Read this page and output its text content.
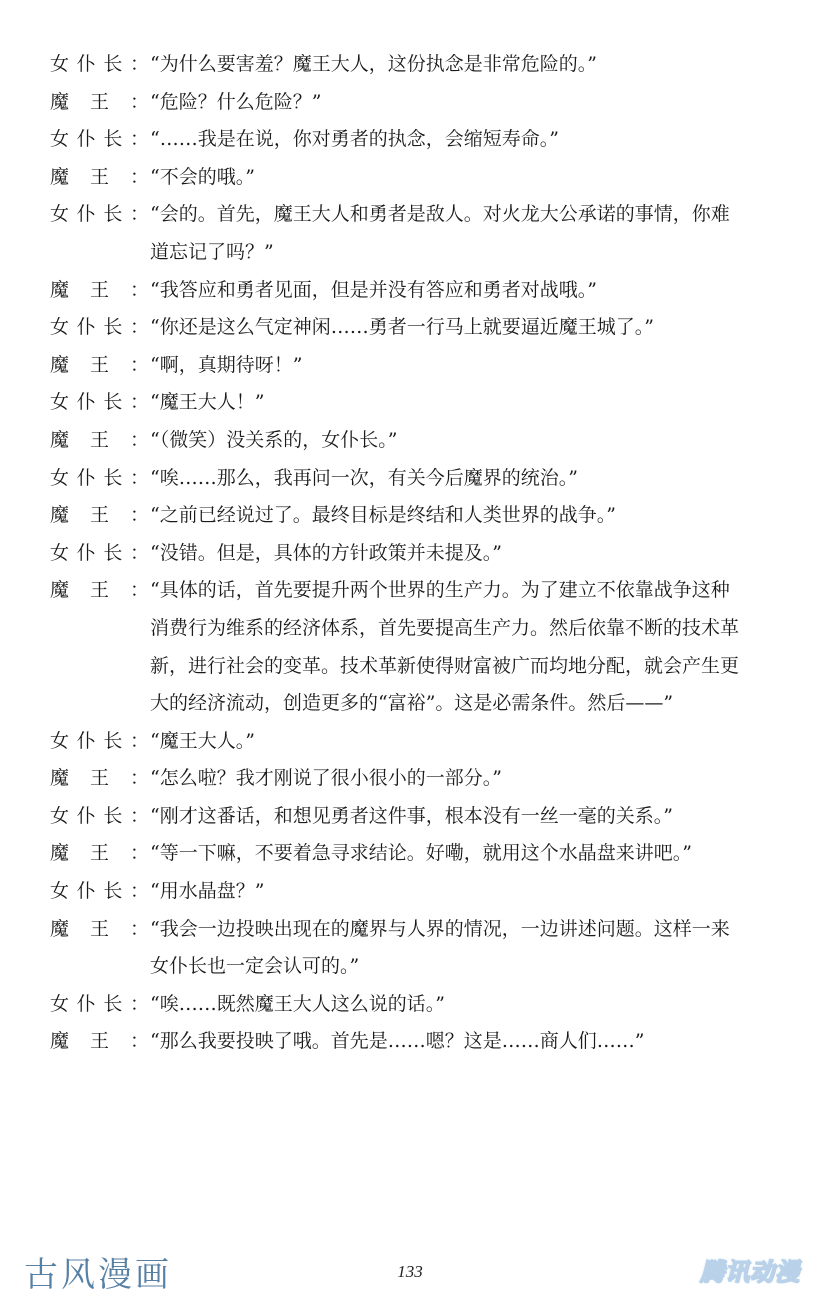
女 仆 长 ： “为什么要害羞？魔王大人，这份执念是非常危险的。”
魔 王 ： “危险？什么危险？”
女 仆 长 ： “……我是在说，你对勇者的执念，会缩短寿命。”
魔 王 ： “不会的哦。”
女 仆 长 ： “会的。首先，魔王大人和勇者是敌人。对火龙大公承诺的事情，你难
道忘记了吗？”
魔 王 ： “我答应和勇者见面，但是并没有答应和勇者对战哦。”
女 仆 长 ： “你还是这么气定神闲……勇者一行马上就要逼近魔王城了。”
魔 王 ： “啊，真期待呀！”
女 仆 长 ： “魔王大人！”
魔 王 ： “（微笑）没关系的，女仆长。”
女 仆 长 ： “唉……那么，我再问一次，有关今后魔界的统治。”
魔 王 ： “之前已经说过了。最终目标是终结和人类世界的战争。”
女 仆 长 ： “没错。但是，具体的方针政策并未提及。”
魔 王 ： “具体的话，首先要提升两个世界的生产力。为了建立不依靠战争这种
消费行为维系的经济体系，首先要提高生产力。然后依靠不断的技术革
新，进行社会的变革。技术革新使得财富被广而均地分配，就会产生更
大的经济流动，创造更多的“富裕”。这是必需条件。然后——”
女 仆 长 ： “魔王大人。”
魔 王 ： “怎么啦？我才刚说了很小很小的一部分。”
女 仆 长 ： “刚才这番话，和想见勇者这件事，根本没有一丝一毫的关系。”
魔 王 ： “等一下嘛，不要着急寻求结论。好嘞，就用这个水晶盘来讲吧。”
女 仆 长 ： “用水晶盘？”
魔 王 ： “我会一边投映出现在的魔界与人界的情况，一边讲述问题。这样一来
女仆长也一定会认可的。”
女 仆 长 ： “唉……既然魔王大人这么说的话。”
魔 王 ： “那么我要投映了哦。首先是……嗯？这是……商人们……”
古风漫画	133	腾讯动漫
